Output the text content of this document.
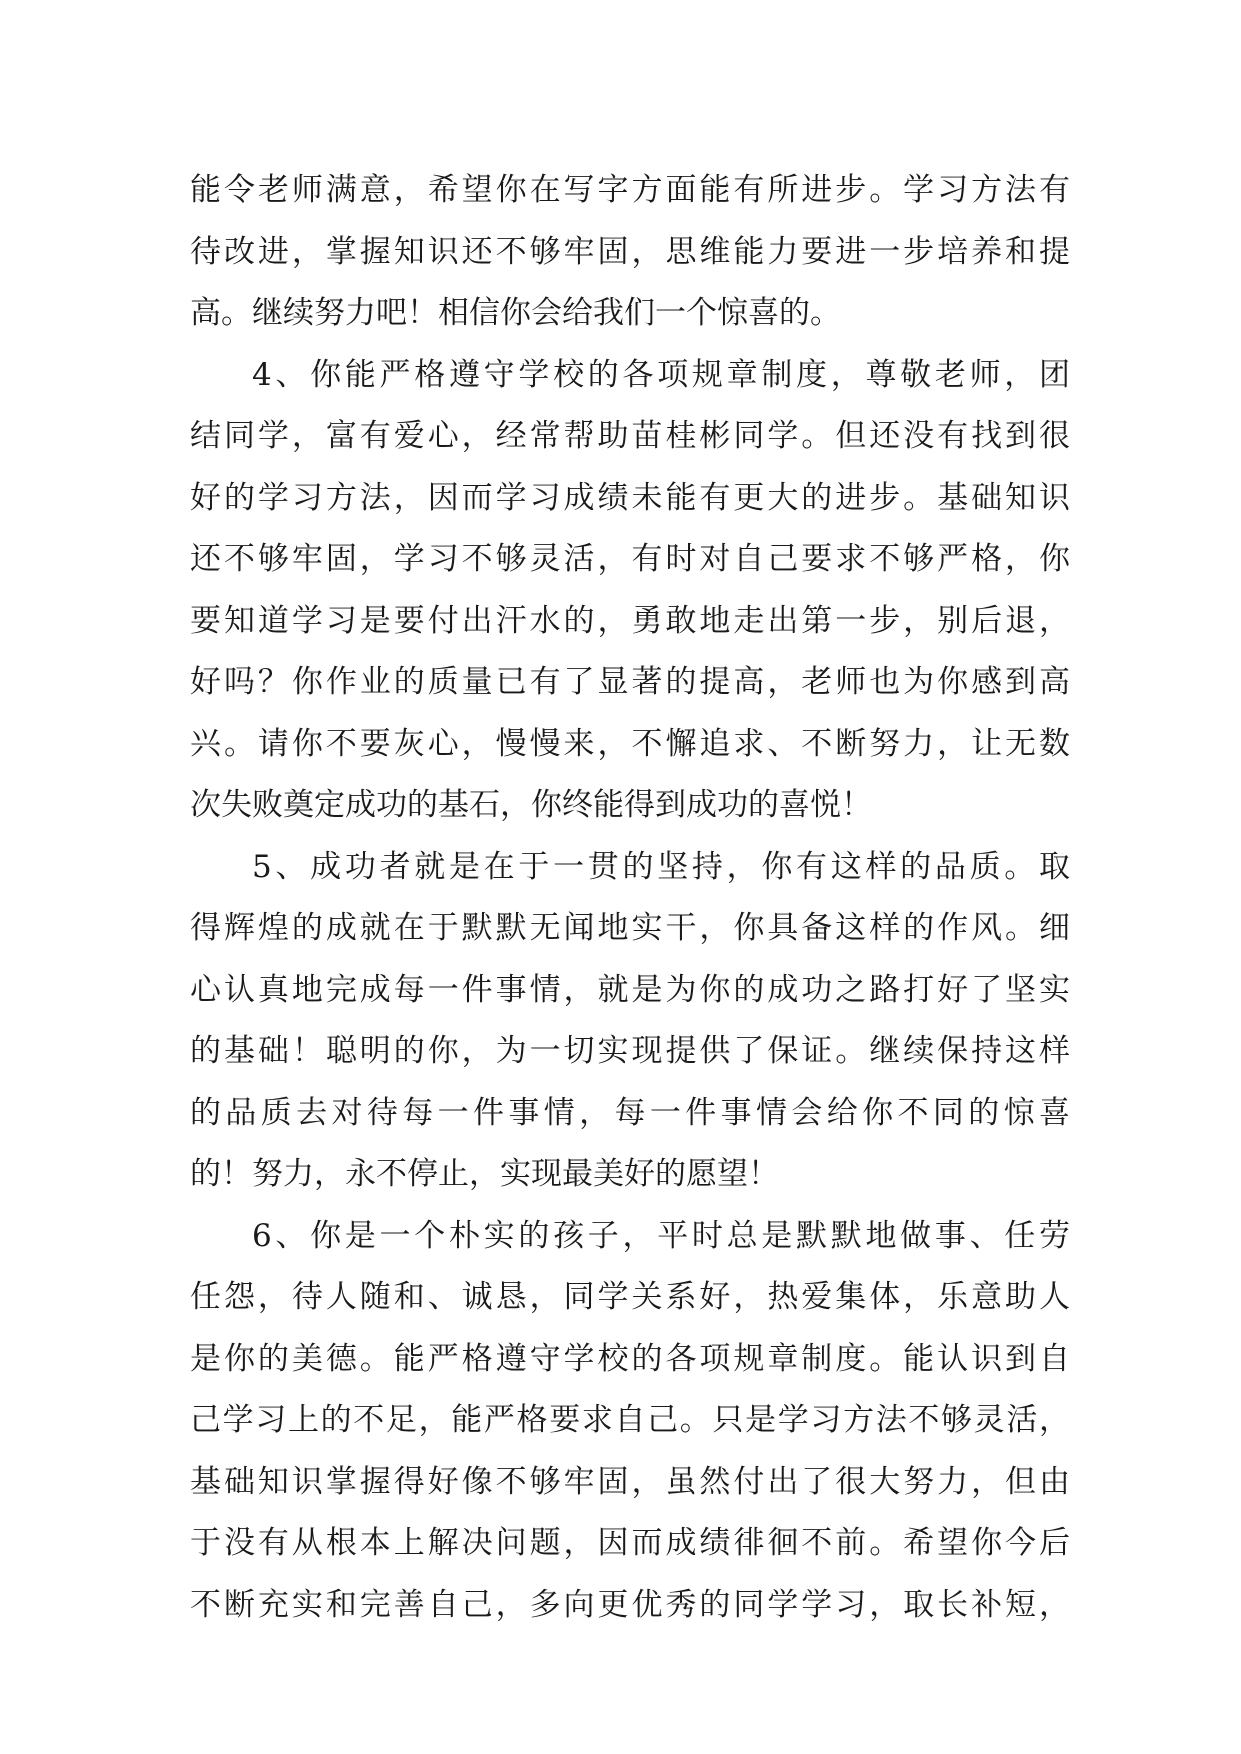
能令老师满意，希望你在写字方面能有所进步。学习方法有
待改进，掌握知识还不够牢固，思维能力要进一步培养和提
高。继续努力吧！相信你会给我们一个惊喜的。
4、你能严格遵守学校的各项规章制度，尊敬老师，团
结同学，富有爱心，经常帮助苗桂彬同学。但还没有找到很
好的学习方法，因而学习成绩未能有更大的进步。基础知识
还不够牢固，学习不够灵活，有时对自己要求不够严格，你
要知道学习是要付出汗水的，勇敢地走出第一步，别后退，
好吗？你作业的质量已有了显著的提高，老师也为你感到高
兴。请你不要灰心，慢慢来，不懈追求、不断努力，让无数
次失败奠定成功的基石，你终能得到成功的喜悦！
5、成功者就是在于一贯的坚持，你有这样的品质。取
得辉煌的成就在于默默无闻地实干，你具备这样的作风。细
心认真地完成每一件事情，就是为你的成功之路打好了坚实
的基础！聪明的你，为一切实现提供了保证。继续保持这样
的品质去对待每一件事情，每一件事情会给你不同的惊喜
的！努力，永不停止，实现最美好的愿望！
6、你是一个朴实的孩子，平时总是默默地做事、任劳
任怨，待人随和、诚恳，同学关系好，热爱集体，乐意助人
是你的美德。能严格遵守学校的各项规章制度。能认识到自
己学习上的不足，能严格要求自己。只是学习方法不够灵活，
基础知识掌握得好像不够牢固，虽然付出了很大努力，但由
于没有从根本上解决问题，因而成绩徘徊不前。希望你今后
不断充实和完善自己，多向更优秀的同学学习，取长补短，
